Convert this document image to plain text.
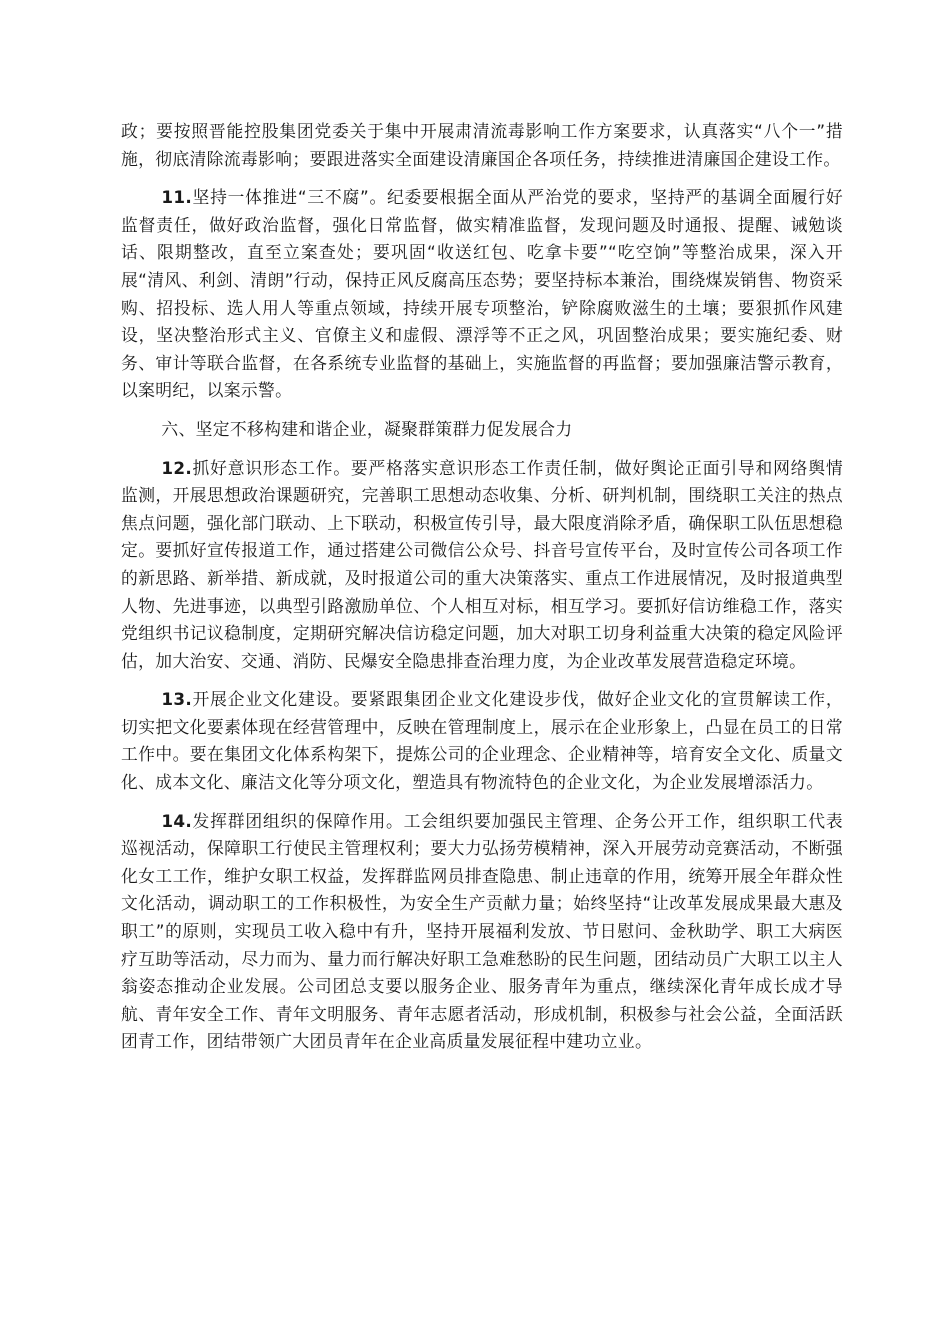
政；要按照晋能控股集团党委关于集中开展肃清流毒影响工作方案要求，认真落实“八个一”措施，彻底清除流毒影响；要跟进落实全面建设清廉国企各项任务，持续推进清廉国企建设工作。

11.坚持一体推进“三不腐”。纪委要根据全面从严治党的要求，坚持严的基调全面履行好监督责任，做好政治监督，强化日常监督，做实精准监督，发现问题及时通报、提醒、诫勉谈话、限期整改，直至立案查处；要巩固“收送红包、吃拿卡要”“吃空饷”等整治成果，深入开展“清风、利剑、清朗”行动，保持正风反腐高压态势；要坚持标本兼治，围绕煤炭销售、物资采购、招投标、选人用人等重点领域，持续开展专项整治，铲除腐败滋生的土壤；要狠抓作风建设，坚决整治形式主义、官僚主义和虚假、漂浮等不正之风，巩固整治成果；要实施纪委、财务、审计等联合监督，在各系统专业监督的基础上，实施监督的再监督；要加强廉洁警示教育，以案明纪，以案示警。

六、坚定不移构建和谐企业，凝聚群策群力促发展合力

12.抓好意识形态工作。要严格落实意识形态工作责任制，做好舆论正面引导和网络舆情监测，开展思想政治课题研究，完善职工思想动态收集、分析、研判机制，围绕职工关注的热点焦点问题，强化部门联动、上下联动，积极宣传引导，最大限度消除矛盾，确保职工队伍思想稳定。要抓好宣传报道工作，通过搭建公司微信公众号、抖音号宣传平台，及时宣传公司各项工作的新思路、新举措、新成就，及时报道公司的重大决策落实、重点工作进展情况，及时报道典型人物、先进事迹，以典型引路激励单位、个人相互对标，相互学习。要抓好信访维稳工作，落实党组织书记议稳制度，定期研究解决信访稳定问题，加大对职工切身利益重大决策的稳定风险评估，加大治安、交通、消防、民爆安全隐患排查治理力度，为企业改革发展营造稳定环境。

13.开展企业文化建设。要紧跟集团企业文化建设步伐，做好企业文化的宣贯解读工作，切实把文化要素体现在经营管理中，反映在管理制度上，展示在企业形象上，凸显在员工的日常工作中。要在集团文化体系构架下，提炼公司的企业理念、企业精神等，培育安全文化、质量文化、成本文化、廉洁文化等分项文化，塑造具有物流特色的企业文化，为企业发展增添活力。

14.发挥群团组织的保障作用。工会组织要加强民主管理、企务公开工作，组织职工代表巡视活动，保障职工行使民主管理权利；要大力弘扬劳模精神，深入开展劳动竞赛活动，不断强化女工工作，维护女职工权益，发挥群监网员排查隐患、制止违章的作用，统筹开展全年群众性文化活动，调动职工的工作积极性，为安全生产贡献力量；始终坚持“让改革发展成果最大惠及职工”的原则，实现员工收入稳中有升，坚持开展福利发放、节日慰问、金秋助学、职工大病医疗互助等活动，尽力而为、量力而行解决好职工急难愁盼的民生问题，团结动员广大职工以主人翁姿态推动企业发展。公司团总支要以服务企业、服务青年为重点，继续深化青年成长成才导航、青年安全工作、青年文明服务、青年志愿者活动，形成机制，积极参与社会公益，全面活跃团青工作，团结带领广大团员青年在企业高质量发展征程中建功立业。
